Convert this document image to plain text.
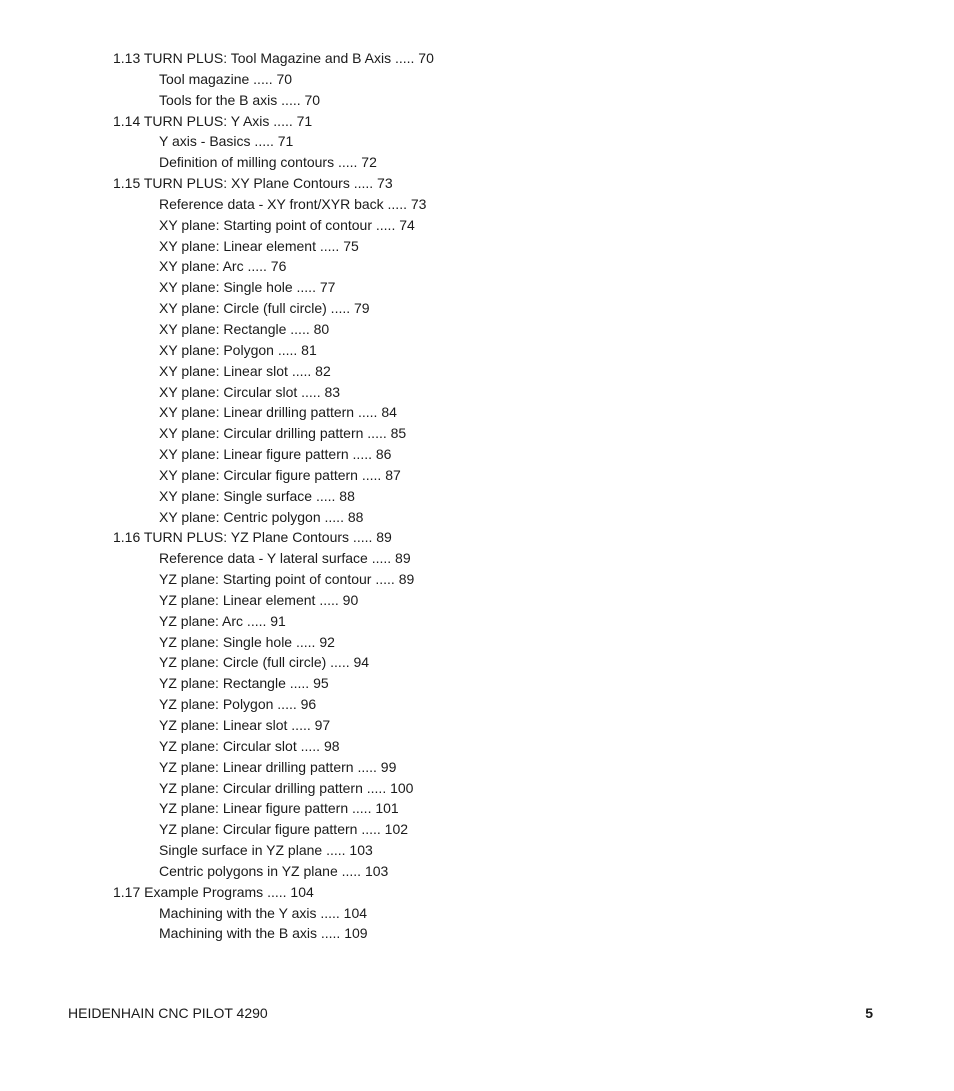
1.13 TURN PLUS: Tool Magazine and B Axis ..... 70
Tool magazine ..... 70
Tools for the B axis ..... 70
1.14 TURN PLUS: Y Axis ..... 71
Y axis - Basics ..... 71
Definition of milling contours ..... 72
1.15 TURN PLUS: XY Plane Contours ..... 73
Reference data - XY front/XYR back ..... 73
XY plane: Starting point of contour ..... 74
XY plane: Linear element ..... 75
XY plane: Arc ..... 76
XY plane: Single hole ..... 77
XY plane: Circle (full circle) ..... 79
XY plane: Rectangle ..... 80
XY plane: Polygon ..... 81
XY plane: Linear slot ..... 82
XY plane: Circular slot ..... 83
XY plane: Linear drilling pattern ..... 84
XY plane: Circular drilling pattern ..... 85
XY plane: Linear figure pattern ..... 86
XY plane: Circular figure pattern ..... 87
XY plane: Single surface ..... 88
XY plane: Centric polygon ..... 88
1.16 TURN PLUS: YZ Plane Contours ..... 89
Reference data - Y lateral surface ..... 89
YZ plane: Starting point of contour ..... 89
YZ plane: Linear element ..... 90
YZ plane: Arc ..... 91
YZ plane: Single hole ..... 92
YZ plane: Circle (full circle) ..... 94
YZ plane: Rectangle ..... 95
YZ plane: Polygon ..... 96
YZ plane: Linear slot ..... 97
YZ plane: Circular slot ..... 98
YZ plane: Linear drilling pattern ..... 99
YZ plane: Circular drilling pattern ..... 100
YZ plane: Linear figure pattern ..... 101
YZ plane: Circular figure pattern ..... 102
Single surface in YZ plane ..... 103
Centric polygons in YZ plane ..... 103
1.17 Example Programs ..... 104
Machining with the Y axis ..... 104
Machining with the B axis ..... 109
HEIDENHAIN CNC PILOT 4290	5
